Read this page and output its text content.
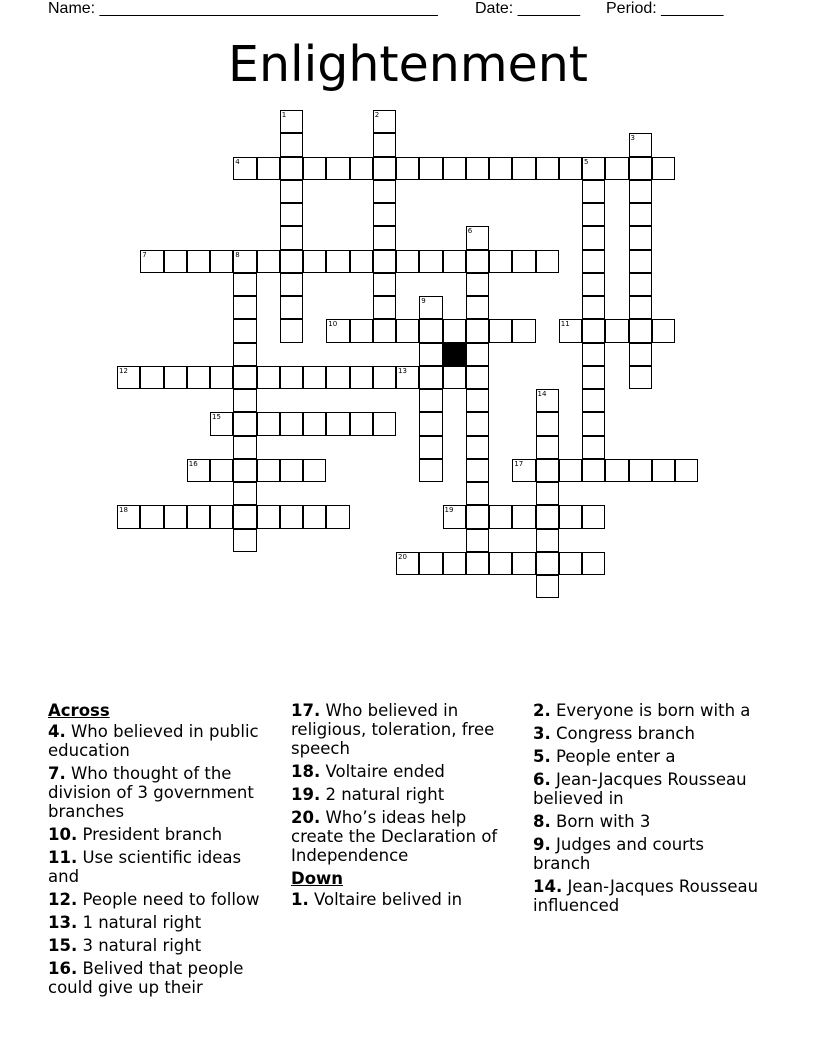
Name: ______________________________________ Date: _______ Period: _______
Enlightenment
4	5
7	8
10	11
12	13
15
16	17
18	19
20
1	2
3
6
9
14
Across
4. Who believed in public education
7. Who thought of the division of 3 government branches
10. President branch
11. Use scientific ideas and
12. People need to follow
13. 1 natural right
15. 3 natural right
16. Belived that people could give up their
17. Who believed in religious, toleration, free speech
18. Voltaire ended
19. 2 natural right
20. Who’s ideas help create the Declaration of Independence
Down
1. Voltaire belived in
2. Everyone is born with a
3. Congress branch
5. People enter a
6. Jean-Jacques Rousseau believed in
8. Born with 3
9. Judges and courts branch
14. Jean-Jacques Rousseau influenced
